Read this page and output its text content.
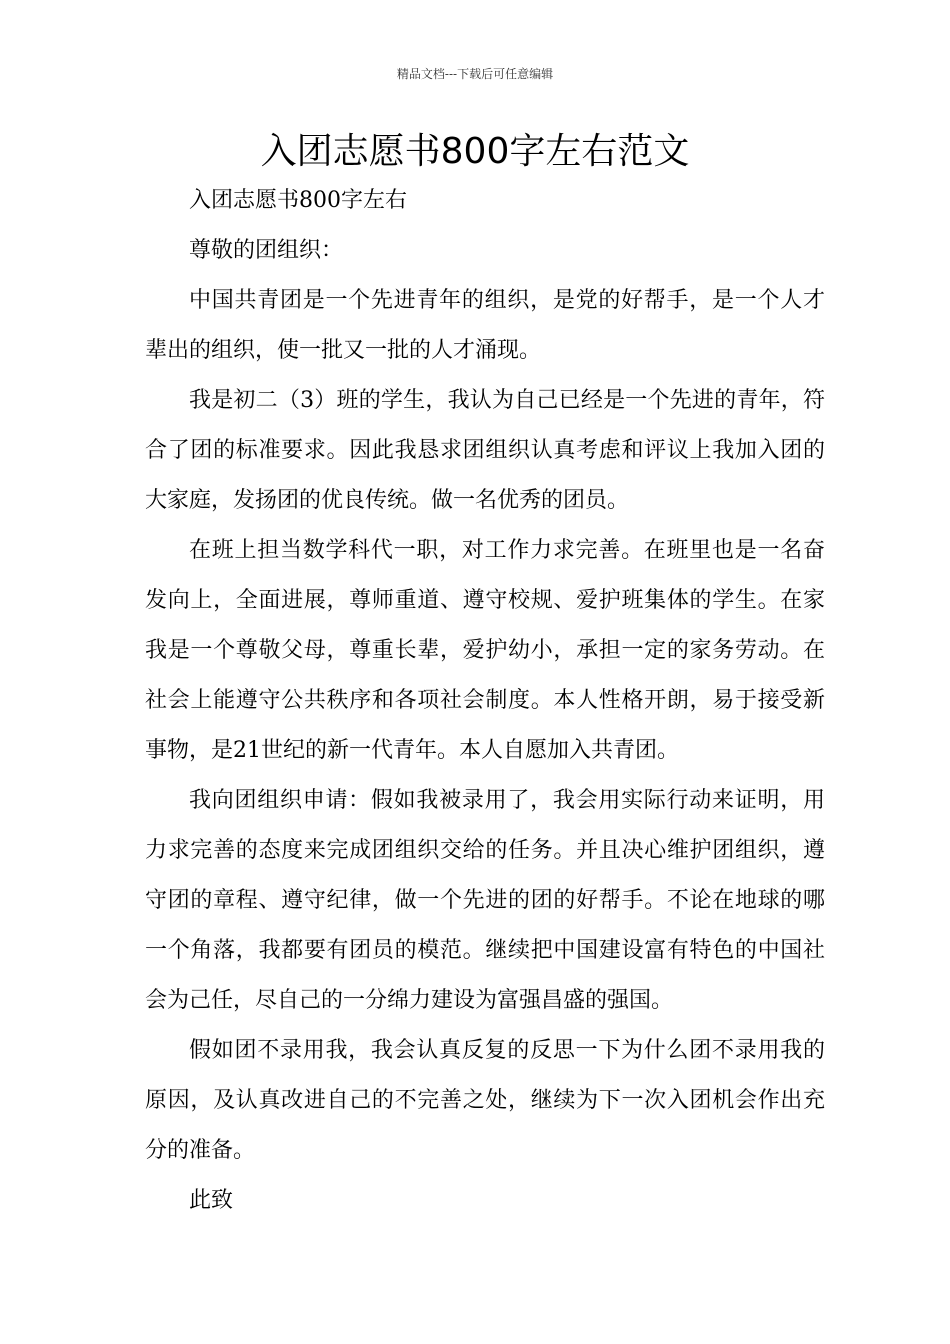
精品文档---下载后可任意编辑
入团志愿书800字左右范文

入团志愿书800字左右

尊敬的团组织：

中国共青团是一个先进青年的组织，是党的好帮手，是一个人才辈出的组织，使一批又一批的人才涌现。

我是初二（3）班的学生，我认为自己已经是一个先进的青年，符合了团的标准要求。因此我恳求团组织认真考虑和评议上我加入团的大家庭，发扬团的优良传统。做一名优秀的团员。

在班上担当数学科代一职，对工作力求完善。在班里也是一名奋发向上，全面进展，尊师重道、遵守校规、爱护班集体的学生。在家我是一个尊敬父母，尊重长辈，爱护幼小，承担一定的家务劳动。在社会上能遵守公共秩序和各项社会制度。本人性格开朗，易于接受新事物，是21世纪的新一代青年。本人自愿加入共青团。

我向团组织申请：假如我被录用了，我会用实际行动来证明，用力求完善的态度来完成团组织交给的任务。并且决心维护团组织，遵守团的章程、遵守纪律，做一个先进的团的好帮手。不论在地球的哪一个角落，我都要有团员的模范。继续把中国建设富有特色的中国社会为己任，尽自己的一分绵力建设为富强昌盛的强国。

假如团不录用我，我会认真反复的反思一下为什么团不录用我的原因，及认真改进自己的不完善之处，继续为下一次入团机会作出充分的准备。

此致
